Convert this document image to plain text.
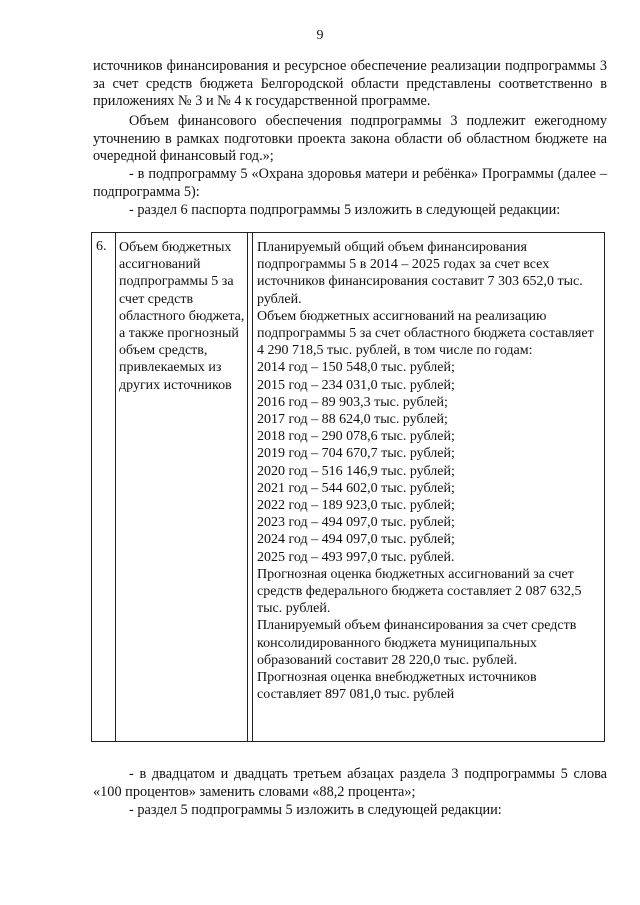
9

источников финансирования и ресурсное обеспечение реализации подпрограммы 3 за счет средств бюджета Белгородской области представлены соответственно в приложениях № 3 и № 4 к государственной программе.

Объем финансового обеспечения подпрограммы 3 подлежит ежегодному уточнению в рамках подготовки проекта закона области об областном бюджете на очередной финансовый год.»;

- в подпрограмму 5 «Охрана здоровья матери и ребёнка» Программы (далее – подпрограмма 5):

- раздел 6 паспорта подпрограммы 5 изложить в следующей редакции:

6. Объем бюджетных ассигнований подпрограммы 5 за счет средств областного бюджета, а также прогнозный объем средств, привлекаемых из других источников
Планируемый общий объем финансирования подпрограммы 5 в 2014 – 2025 годах за счет всех источников финансирования составит 7 303 652,0 тыс. рублей.
Объем бюджетных ассигнований на реализацию подпрограммы 5 за счет областного бюджета составляет 4 290 718,5 тыс. рублей, в том числе по годам:
2014 год – 150 548,0 тыс. рублей;
2015 год – 234 031,0 тыс. рублей;
2016 год – 89 903,3 тыс. рублей;
2017 год – 88 624,0 тыс. рублей;
2018 год – 290 078,6 тыс. рублей;
2019 год – 704 670,7 тыс. рублей;
2020 год – 516 146,9 тыс. рублей;
2021 год – 544 602,0 тыс. рублей;
2022 год – 189 923,0 тыс. рублей;
2023 год – 494 097,0 тыс. рублей;
2024 год – 494 097,0 тыс. рублей;
2025 год – 493 997,0 тыс. рублей.
Прогнозная оценка бюджетных ассигнований за счет средств федерального бюджета составляет 2 087 632,5 тыс. рублей.
Планируемый объем финансирования за счет средств консолидированного бюджета муниципальных образований составит 28 220,0 тыс. рублей.
Прогнозная оценка внебюджетных источников составляет 897 081,0 тыс. рублей

- в двадцатом и двадцать третьем абзацах раздела 3 подпрограммы 5 слова «100 процентов» заменить словами «88,2 процента»;

- раздел 5 подпрограммы 5 изложить в следующей редакции:
